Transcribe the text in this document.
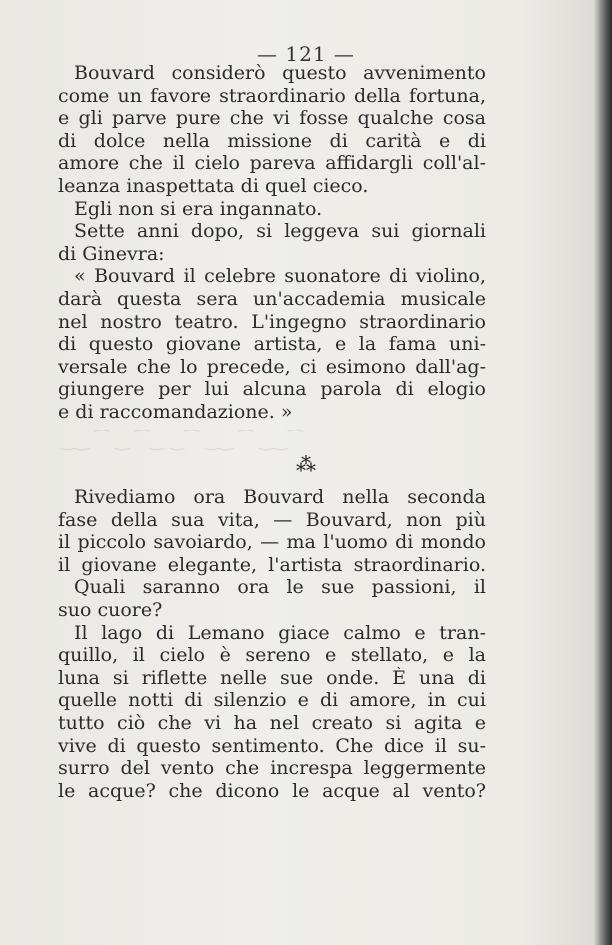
— 121 —
Bouvard considerò questo avvenimento
come un favore straordinario della fortuna,
e gli parve pure che vi fosse qualche cosa
di dolce nella missione di carità e di
amore che il cielo pareva affidargli coll'al-
leanza inaspettata di quel cieco.
Egli non si era ingannato.
Sette anni dopo, si leggeva sui giornali
di Ginevra:
« Bouvard il celebre suonatore di violino,
darà questa sera un'accademia musicale
nel nostro teatro. L'ingegno straordinario
di questo giovane artista, e la fama uni-
versale che lo precede, ci esimono dall'ag-
giungere per lui alcuna parola di elogio
e di raccomandazione. »
‿‿ ⁀ ‿ ⁀‿ ‿⁀ ‿‿ ⁀ ‿‿⁀
⁂
Rivediamo ora Bouvard nella seconda
fase della sua vita, — Bouvard, non più
il piccolo savoiardo, — ma l'uomo di mondo
il giovane elegante, l'artista straordinario.
Quali saranno ora le sue passioni, il
suo cuore?
Il lago di Lemano giace calmo e tran-
quillo, il cielo è sereno e stellato, e la
luna si riflette nelle sue onde. È una di
quelle notti di silenzio e di amore, in cui
tutto ciò che vi ha nel creato si agita e
vive di questo sentimento. Che dice il su-
surro del vento che increspa leggermente
le acque? che dicono le acque al vento?
